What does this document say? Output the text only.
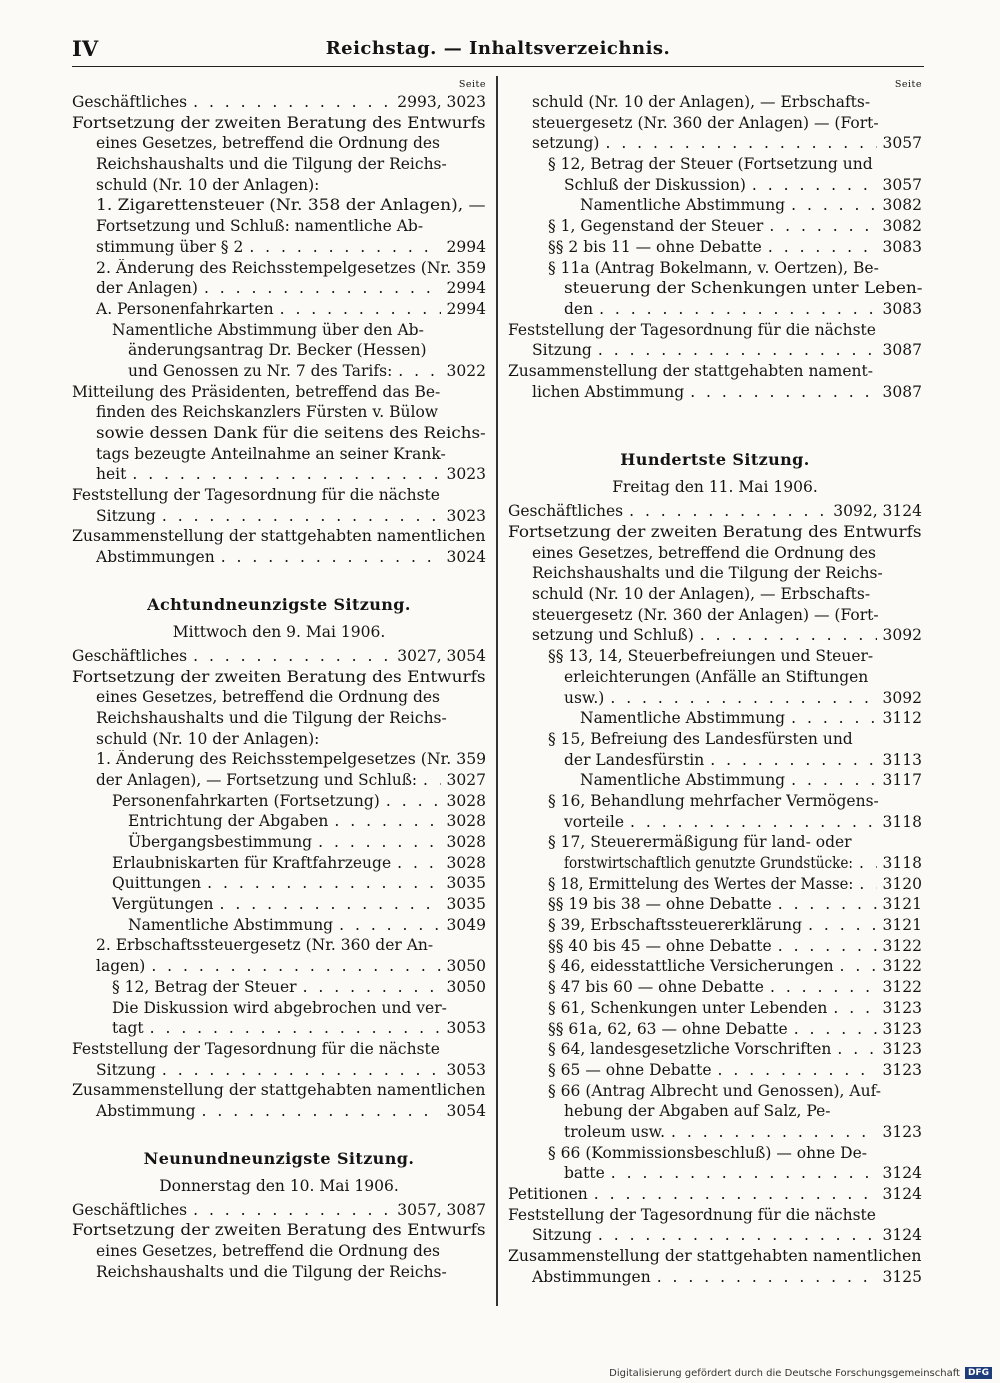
IV	Reichstag. — Inhaltsverzeichnis.
Seite
Geschäftliches . . .	2993, 3023
Fortsetzung der zweiten Beratung des Entwurfs
eines Gesetzes, betreffend die Ordnung des
Reichshaushalts und die Tilgung der Reichs-
schuld (Nr. 10 der Anlagen):
1. Zigarettensteuer (Nr. 358 der Anlagen), —
Fortsetzung und Schluß: namentliche Ab-
stimmung über § 2 . . .	2994
2. Änderung des Reichsstempelgesetzes (Nr. 359
der Anlagen) . . .	2994
A. Personenfahrkarten . . .	2994
Namentliche Abstimmung über den Ab-
änderungsantrag Dr. Becker (Hessen)
und Genossen zu Nr. 7 des Tarifs: . . .	3022
Mitteilung des Präsidenten, betreffend das Be-
finden des Reichskanzlers Fürsten v. Bülow
sowie dessen Dank für die seitens des Reichs-
tags bezeugte Anteilnahme an seiner Krank-
heit . . .	3023
Feststellung der Tagesordnung für die nächste
Sitzung . . .	3023
Zusammenstellung der stattgehabten namentlichen
Abstimmungen . . .	3024
Achtundneunzigste Sitzung.
Mittwoch den 9. Mai 1906.
Geschäftliches . . .	3027, 3054
Fortsetzung der zweiten Beratung des Entwurfs
eines Gesetzes, betreffend die Ordnung des
Reichshaushalts und die Tilgung der Reichs-
schuld (Nr. 10 der Anlagen):
1. Änderung des Reichsstempelgesetzes (Nr. 359
der Anlagen), — Fortsetzung und Schluß: . . . 3027
Personenfahrkarten (Fortsetzung) . . .	3028
Entrichtung der Abgaben . . .	3028
Übergangsbestimmung . . .	3028
Erlaubniskarten für Kraftfahrzeuge . . .	3028
Quittungen . . .	3035
Vergütungen . . .	3035
Namentliche Abstimmung . . .	3049
2. Erbschaftssteuergesetz (Nr. 360 der An-
lagen) . . .	3050
§ 12, Betrag der Steuer . . .	3050
Die Diskussion wird abgebrochen und ver-
tagt . . .	3053
Feststellung der Tagesordnung für die nächste
Sitzung . . .	3053
Zusammenstellung der stattgehabten namentlichen
Abstimmung . . .	3054
Neunundneunzigste Sitzung.
Donnerstag den 10. Mai 1906.
Geschäftliches . . .	3057, 3087
Fortsetzung der zweiten Beratung des Entwurfs
eines Gesetzes, betreffend die Ordnung des
Reichshaushalts und die Tilgung der Reichs-
Seite
schuld (Nr. 10 der Anlagen), — Erbschafts-
steuergesetz (Nr. 360 der Anlagen) — (Fort-
setzung) . . .	3057
§ 12, Betrag der Steuer (Fortsetzung und
Schluß der Diskussion) . . .	3057
Namentliche Abstimmung . . .	3082
§ 1, Gegenstand der Steuer . . .	3082
§§ 2 bis 11 — ohne Debatte . . .	3083
§ 11a (Antrag Bokelmann, v. Oertzen), Be-
steuerung der Schenkungen unter Leben-
den . . .	3083
Feststellung der Tagesordnung für die nächste
Sitzung . . .	3087
Zusammenstellung der stattgehabten nament-
lichen Abstimmung . . .	3087
Hundertste Sitzung.
Freitag den 11. Mai 1906.
Geschäftliches . . .	3092, 3124
Fortsetzung der zweiten Beratung des Entwurfs
eines Gesetzes, betreffend die Ordnung des
Reichshaushalts und die Tilgung der Reichs-
schuld (Nr. 10 der Anlagen), — Erbschafts-
steuergesetz (Nr. 360 der Anlagen) — (Fort-
setzung und Schluß) . . .	3092
§§ 13, 14, Steuerbefreiungen und Steuer-
erleichterungen (Anfälle an Stiftungen
usw.) . . .	3092
Namentliche Abstimmung . . .	3112
§ 15, Befreiung des Landesfürsten und
der Landesfürstin . . .	3113
Namentliche Abstimmung . . .	3117
§ 16, Behandlung mehrfacher Vermögens-
vorteile . . .	3118
§ 17, Steuerermäßigung für land- oder
forstwirtschaftlich genutzte Grundstücke: . . . 3118
§ 18, Ermittelung des Wertes der Masse: . . . 3120
§§ 19 bis 38 — ohne Debatte . . .	3121
§ 39, Erbschaftssteuererklärung . . .	3121
§§ 40 bis 45 — ohne Debatte . . .	3122
§ 46, eidesstattliche Versicherungen . . .	3122
§ 47 bis 60 — ohne Debatte . . .	3122
§ 61, Schenkungen unter Lebenden . . .	3123
§§ 61a, 62, 63 — ohne Debatte . . .	3123
§ 64, landesgesetzliche Vorschriften . . .	3123
§ 65 — ohne Debatte . . .	3123
§ 66 (Antrag Albrecht und Genossen), Auf-
hebung der Abgaben auf Salz, Pe-
troleum usw. . . .	3123
§ 66 (Kommissionsbeschluß) — ohne De-
batte . . .	3124
Petitionen . . .	3124
Feststellung der Tagesordnung für die nächste
Sitzung . . .	3124
Zusammenstellung der stattgehabten namentlichen
Abstimmungen . . .	3125
Digitalisierung gefördert durch die Deutsche Forschungsgemeinschaft DFG
